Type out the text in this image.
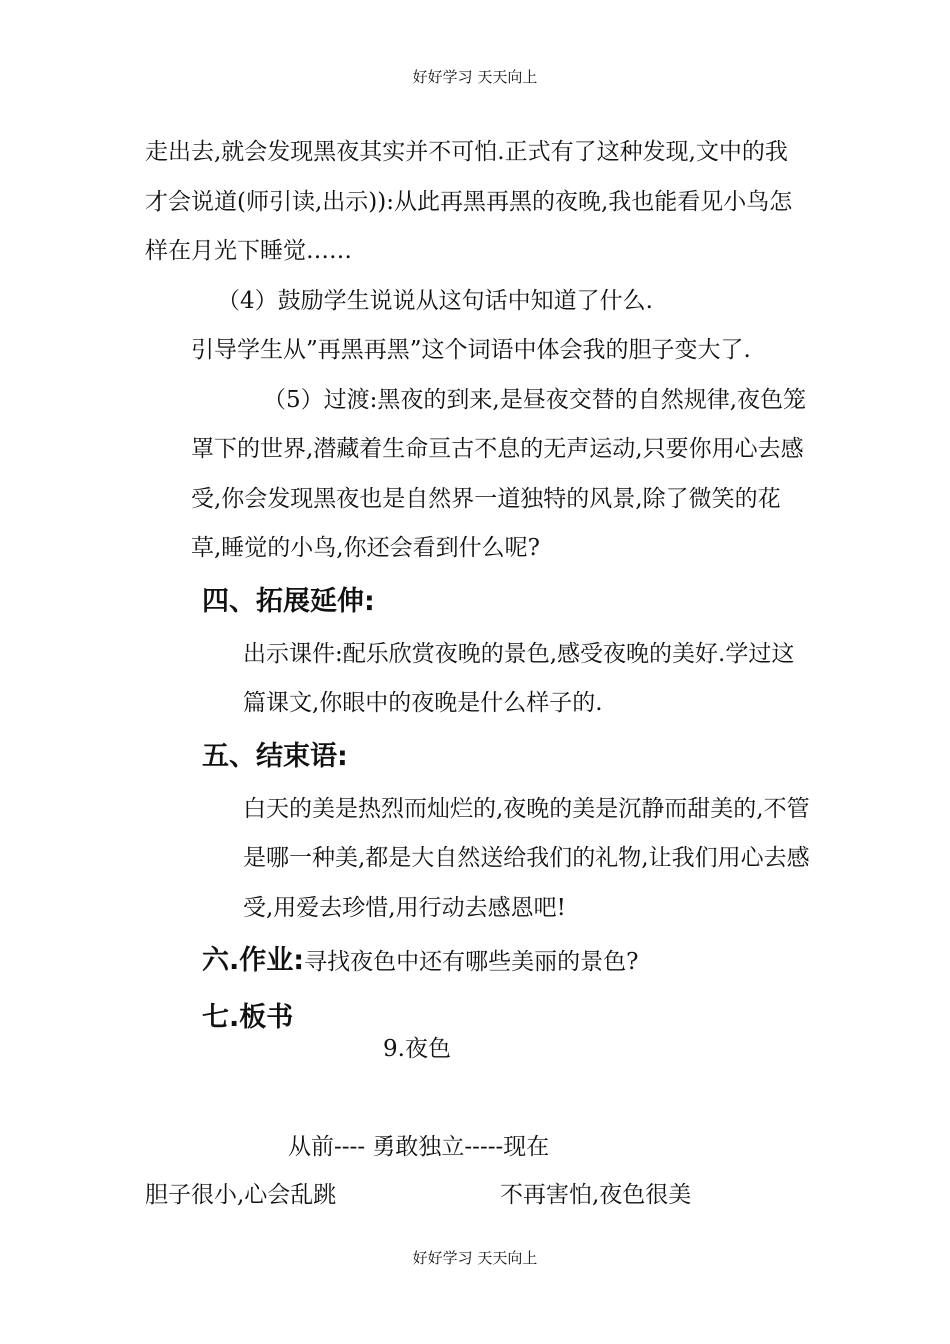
好好学习 天天向上

走出去,就会发现黑夜其实并不可怕.正式有了这种发现,文中的我才会说道(师引读,出示)):从此再黑再黑的夜晚,我也能看见小鸟怎样在月光下睡觉……

（4）鼓励学生说说从这句话中知道了什么.

引导学生从”再黑再黑”这个词语中体会我的胆子变大了.（5）过渡:黑夜的到来,是昼夜交替的自然规律,夜色笼罩下的世界,潜藏着生命亘古不息的无声运动,只要你用心去感受,你会发现黑夜也是自然界一道独特的风景,除了微笑的花草,睡觉的小鸟,你还会看到什么呢?

四、拓展延伸:

出示课件:配乐欣赏夜晚的景色,感受夜晚的美好.学过这篇课文,你眼中的夜晚是什么样子的.

五、结束语:

白天的美是热烈而灿烂的,夜晚的美是沉静而甜美的,不管是哪一种美,都是大自然送给我们的礼物,让我们用心去感受,用爱去珍惜,用行动去感恩吧!

六.作业:寻找夜色中还有哪些美丽的景色?

七.板书

9.夜色
从前---- 勇敢独立-----现在
胆子很小,心会乱跳	不再害怕,夜色很美
好好学习 天天向上
